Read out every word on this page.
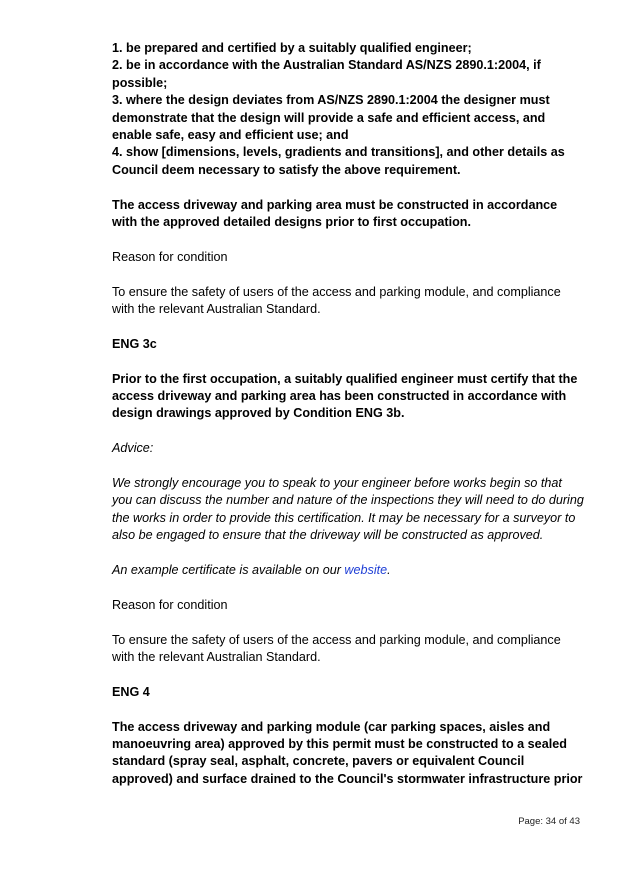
1. be prepared and certified by a suitably qualified engineer;

2. be in accordance with the Australian Standard AS/NZS 2890.1:2004, if possible;

3. where the design deviates from AS/NZS 2890.1:2004 the designer must demonstrate that the design will provide a safe and efficient access, and enable safe, easy and efficient use; and

4. show [dimensions, levels, gradients and transitions], and other details as Council deem necessary to satisfy the above requirement.

The access driveway and parking area must be constructed in accordance with the approved detailed designs prior to first occupation.

Reason for condition

To ensure the safety of users of the access and parking module, and compliance with the relevant Australian Standard.

ENG 3c

Prior to the first occupation, a suitably qualified engineer must certify that the access driveway and parking area has been constructed in accordance with design drawings approved by Condition ENG 3b.

Advice:

We strongly encourage you to speak to your engineer before works begin so that you can discuss the number and nature of the inspections they will need to do during the works in order to provide this certification. It may be necessary for a surveyor to also be engaged to ensure that the driveway will be constructed as approved.

An example certificate is available on our website.

Reason for condition

To ensure the safety of users of the access and parking module, and compliance with the relevant Australian Standard.

ENG 4

The access driveway and parking module (car parking spaces, aisles and manoeuvring area) approved by this permit must be constructed to a sealed standard (spray seal, asphalt, concrete, pavers or equivalent Council approved) and surface drained to the Council's stormwater infrastructure prior

Page: 34 of 43
